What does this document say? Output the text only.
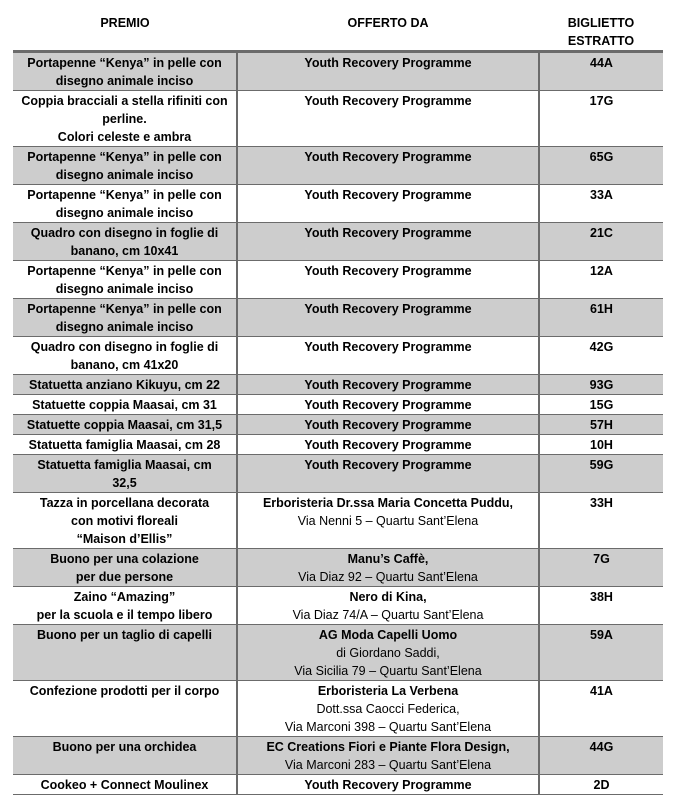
PREMIO	OFFERTO DA	BIGLIETTO
ESTRATTO
Portapenne “Kenya” in pelle con
disegno animale inciso	Youth Recovery Programme	44A

Coppia bracciali a stella rifiniti con
perline.
Colori celeste e ambra	Youth Recovery Programme	17G

Portapenne “Kenya” in pelle con
disegno animale inciso	Youth Recovery Programme	65G

Portapenne “Kenya” in pelle con
disegno animale inciso	Youth Recovery Programme	33A

Quadro con disegno in foglie di
banano, cm 10x41	Youth Recovery Programme	21C

Portapenne “Kenya” in pelle con
disegno animale inciso	Youth Recovery Programme	12A

Portapenne “Kenya” in pelle con
disegno animale inciso	Youth Recovery Programme	61H

Quadro con disegno in foglie di
banano, cm 41x20	Youth Recovery Programme	42G

Statuetta anziano Kikuyu, cm 22	Youth Recovery Programme	93G

Statuette coppia Maasai, cm 31	Youth Recovery Programme	15G

Statuette coppia Maasai, cm 31,5	Youth Recovery Programme	57H

Statuetta famiglia Maasai, cm 28	Youth Recovery Programme	10H

Statuetta famiglia Maasai, cm
32,5	Youth Recovery Programme	59G

Tazza in porcellana decorata
con motivi floreali
“Maison d’Ellis”	Erboristeria Dr.ssa Maria Concetta Puddu,
Via Nenni 5 – Quartu Sant’Elena	33H

Buono per una colazione
per due persone	Manu’s Caffè,
Via Diaz 92 – Quartu Sant’Elena	7G

Zaino “Amazing”
per la scuola e il tempo libero	Nero di Kina,
Via Diaz 74/A – Quartu Sant’Elena	38H

Buono per un taglio di capelli	AG Moda Capelli Uomo
di Giordano Saddi,
Via Sicilia 79 – Quartu Sant’Elena	59A

Confezione prodotti per il corpo	Erboristeria La Verbena
Dott.ssa Caocci Federica,
Via Marconi 398 – Quartu Sant’Elena	41A

Buono per una orchidea	EC Creations Fiori e Piante Flora Design,
Via Marconi 283 – Quartu Sant’Elena	44G

Cookeo + Connect Moulinex	Youth Recovery Programme	2D
